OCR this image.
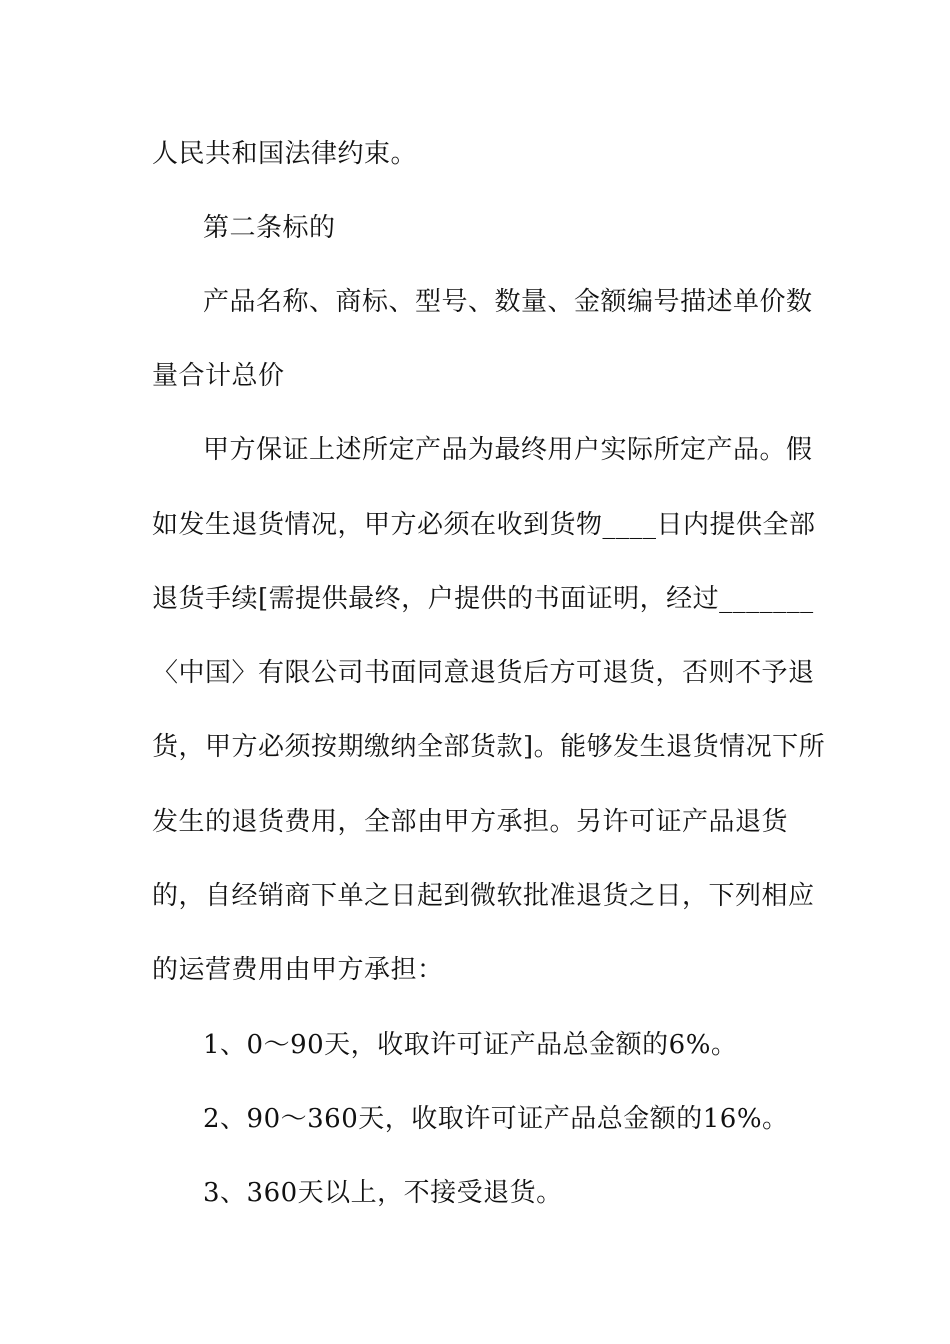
人民共和国法律约束。
第二条标的
产品名称、商标、型号、数量、金额编号描述单价数
量合计总价
甲方保证上述所定产品为最终用户实际所定产品。假
如发生退货情况，甲方必须在收到货物____日内提供全部
退货手续[需提供最终，户提供的书面证明，经过_______
〈中国〉有限公司书面同意退货后方可退货，否则不予退
货，甲方必须按期缴纳全部货款]。能够发生退货情况下所
发生的退货费用，全部由甲方承担。另许可证产品退货
的，自经销商下单之日起到微软批准退货之日，下列相应
的运营费用由甲方承担：
1、0～90天，收取许可证产品总金额的6%。
2、90～360天，收取许可证产品总金额的16%。
3、360天以上，不接受退货。
